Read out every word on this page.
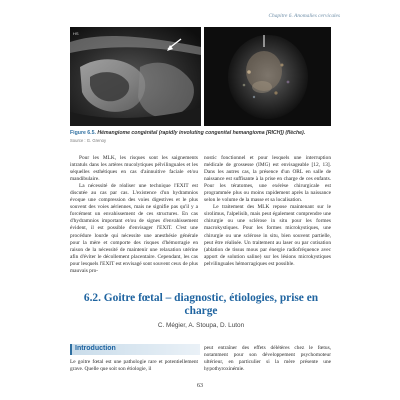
Chapitre 6. Anomalies cervicales
HS
Figure 6.5. Hémangiome congénital (rapidly involuting congenital hemangioma [RICH]) (flèche).
Source : G. Grenoy

Pour les MLK, les risques sont les saignements intratuls dans les artères mucolytiques pélvilinguales et les séquelles esthétiques en cas d'ainnuitive faciale et/ou mandibulaire.

La nécessité de réaliser une technique l'EXIT est discutée au cas par cas. L'existence d'un hydramnios évoque une compression des voies digestives et le plus souvent des voies aériennes, mais ne signifie pas qu'il y a forcément un envahissement de ces structures. En cas d'hydramnios important et/ou de signes d'envahissement évident, il est possible d'envisager l'EXIT. C'est une procédure lourde qui nécessite une anesthésie générale pour la mère et comporte des risques d'hémorragie en raison de la nécessité de maintenir une relaxation utérine afin d'éviter le décollement placentaire. Cependant, les cas pour lesquels l'EXIT est envisagé sont souvent ceux de plus mauvais pro-

nostic fonctionnel et pour lesquels une interruption médicale de grossesse (IMG) est envisageable [12, 13]. Dans les autres cas, la présence d'un ORL en salle de naissance est suffisante à la prise en charge de ces enfants. Pour les tératomes, une exérèse chirurgicale est programmée plus ou moins rapidement après la naissance selon le volume de la masse et sa localisation.

Le traitement des MLK repose maintenant sur le sirolimus, l'alpelisib, mais peut également comprendre une chirurgie ou une sclérose in situ pour les formes macrokystiques. Pour les formes microkystiques, une chirurgie ou une sclérose in situ, bien souvent partielle, peut être réalisée. Un traitement au laser ou par cotisation (ablation de tissus mous par énergie radiofréquence avec apport de solution saline) sur les lésions microkystiques pelvilinguales hémorragiques est possible.

6.2. Goitre fœtal – diagnostic, étiologies, prise en charge
C. Mégier, A. Stoupa, D. Luton
Introduction

Le goitre fœtal est une pathologie rare et potentiellement grave. Quelle que soit son étiologie, il

peut entraîner des effets délétères chez le fœtus, notamment pour son développement psychomoteur ultérieur, en particulier si la mère présente une hypothyroxinémie.

63
